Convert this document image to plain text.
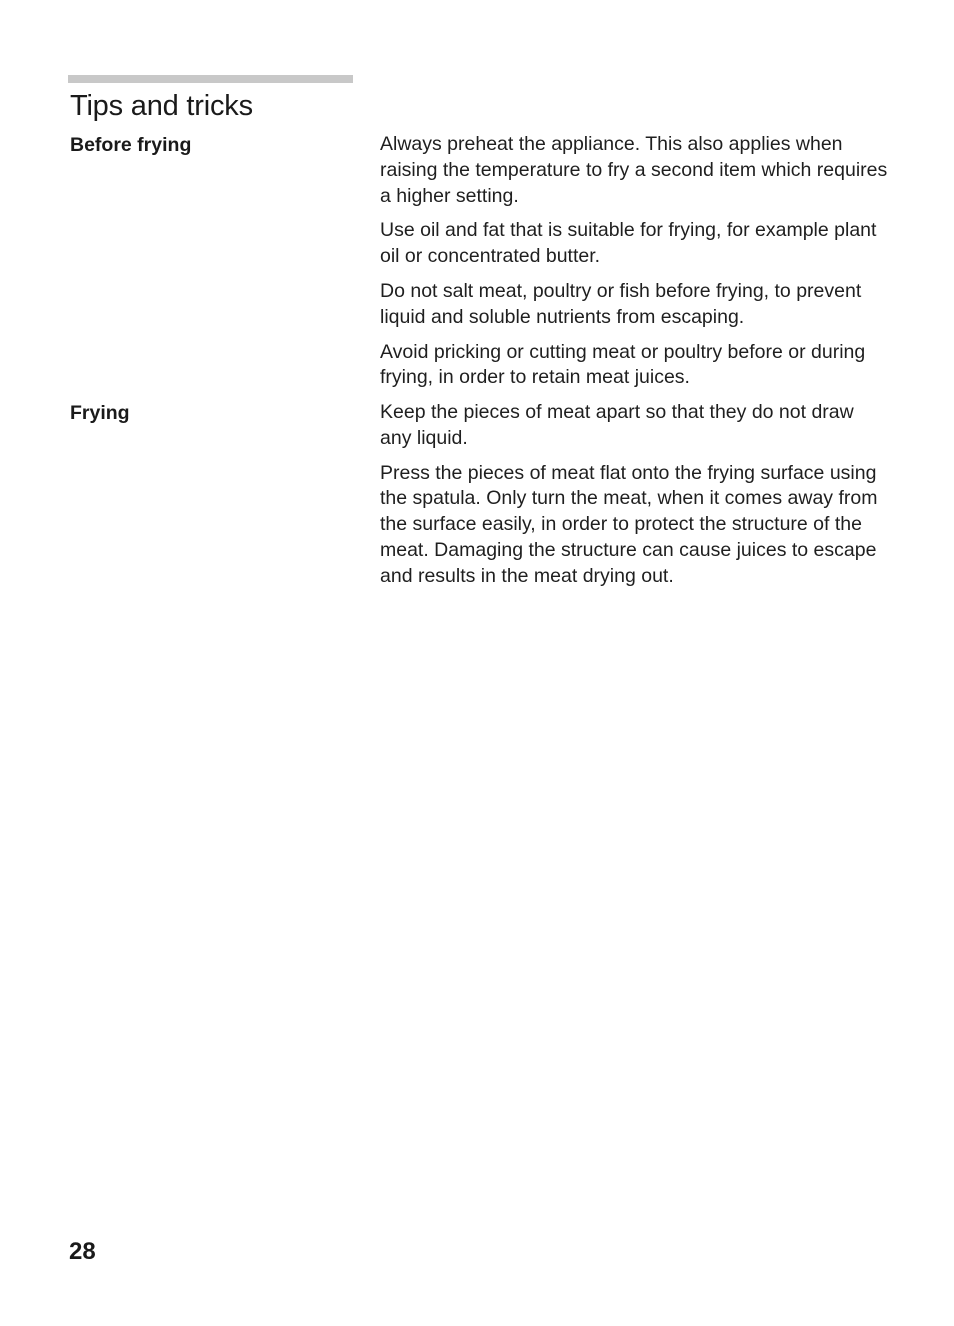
Tips and tricks
Before frying	Always preheat the appliance. This also applies when raising the temperature to fry a second item which requires a higher setting.

Use oil and fat that is suitable for frying, for example plant oil or concentrated butter.

Do not salt meat, poultry or fish before frying, to prevent liquid and soluble nutrients from escaping.

Avoid pricking or cutting meat or poultry before or during frying, in order to retain meat juices.

Frying	Keep the pieces of meat apart so that they do not draw any liquid.

Press the pieces of meat flat onto the frying surface using the spatula. Only turn the meat, when it comes away from the surface easily, in order to protect the structure of the meat. Damaging the structure can cause juices to escape and results in the meat drying out.

28
